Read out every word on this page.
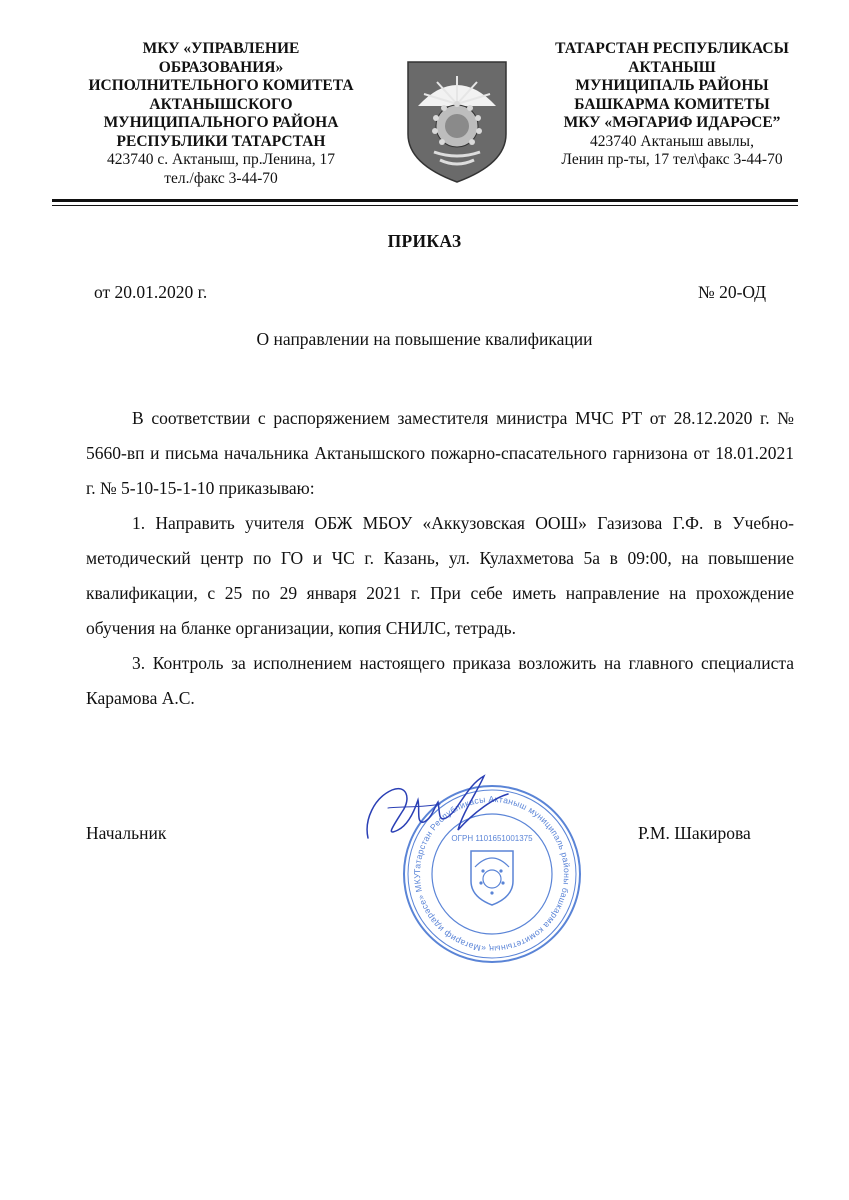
МКУ «УПРАВЛЕНИЕ
ОБРАЗОВАНИЯ»
ИСПОЛНИТЕЛЬНОГО КОМИТЕТА
АКТАНЫШСКОГО
МУНИЦИПАЛЬНОГО РАЙОНА
РЕСПУБЛИКИ ТАТАРСТАН
423740 с. Актаныш, пр.Ленина, 17
тел./факс 3-44-70
ТАТАРСТАН РЕСПУБЛИКАСЫ
АКТАНЫШ
МУНИЦИПАЛЬ РАЙОНЫ
БАШКАРМА КОМИТЕТЫ
МКУ «МӘГАРИФ ИДАРӘСЕ”
423740 Актаныш авылы,
Ленин пр-ты, 17 тел\факс 3-44-70
ПРИКАЗ
от 20.01.2020 г.	№ 20-ОД
О направлении на повышение квалификации

В соответствии с распоряжением заместителя министра МЧС РТ от 28.12.2020 г. № 5660-вп и письма начальника Актанышского пожарно-спасательного гарнизона от 18.01.2021 г. № 5-10-15-1-10 приказываю:

1. Направить учителя ОБЖ МБОУ «Аккузовская ООШ» Газизова Г.Ф. в Учебно-методический центр по ГО и ЧС г. Казань, ул. Кулахметова 5а в 09:00, на повышение квалификации, с 25 по 29 января 2021 г. При себе иметь направление на прохождение обучения на бланке организации, копия СНИЛС, тетрадь.

3. Контроль за исполнением настоящего приказа возложить на главного специалиста Карамова А.С.

Начальник	Р.М. Шакирова
Татарстан Республикасы Актаныш муниципаль районы башкарма комитетының «Мәгариф идарәсе» МКУ
ОГРН 1101651001375
